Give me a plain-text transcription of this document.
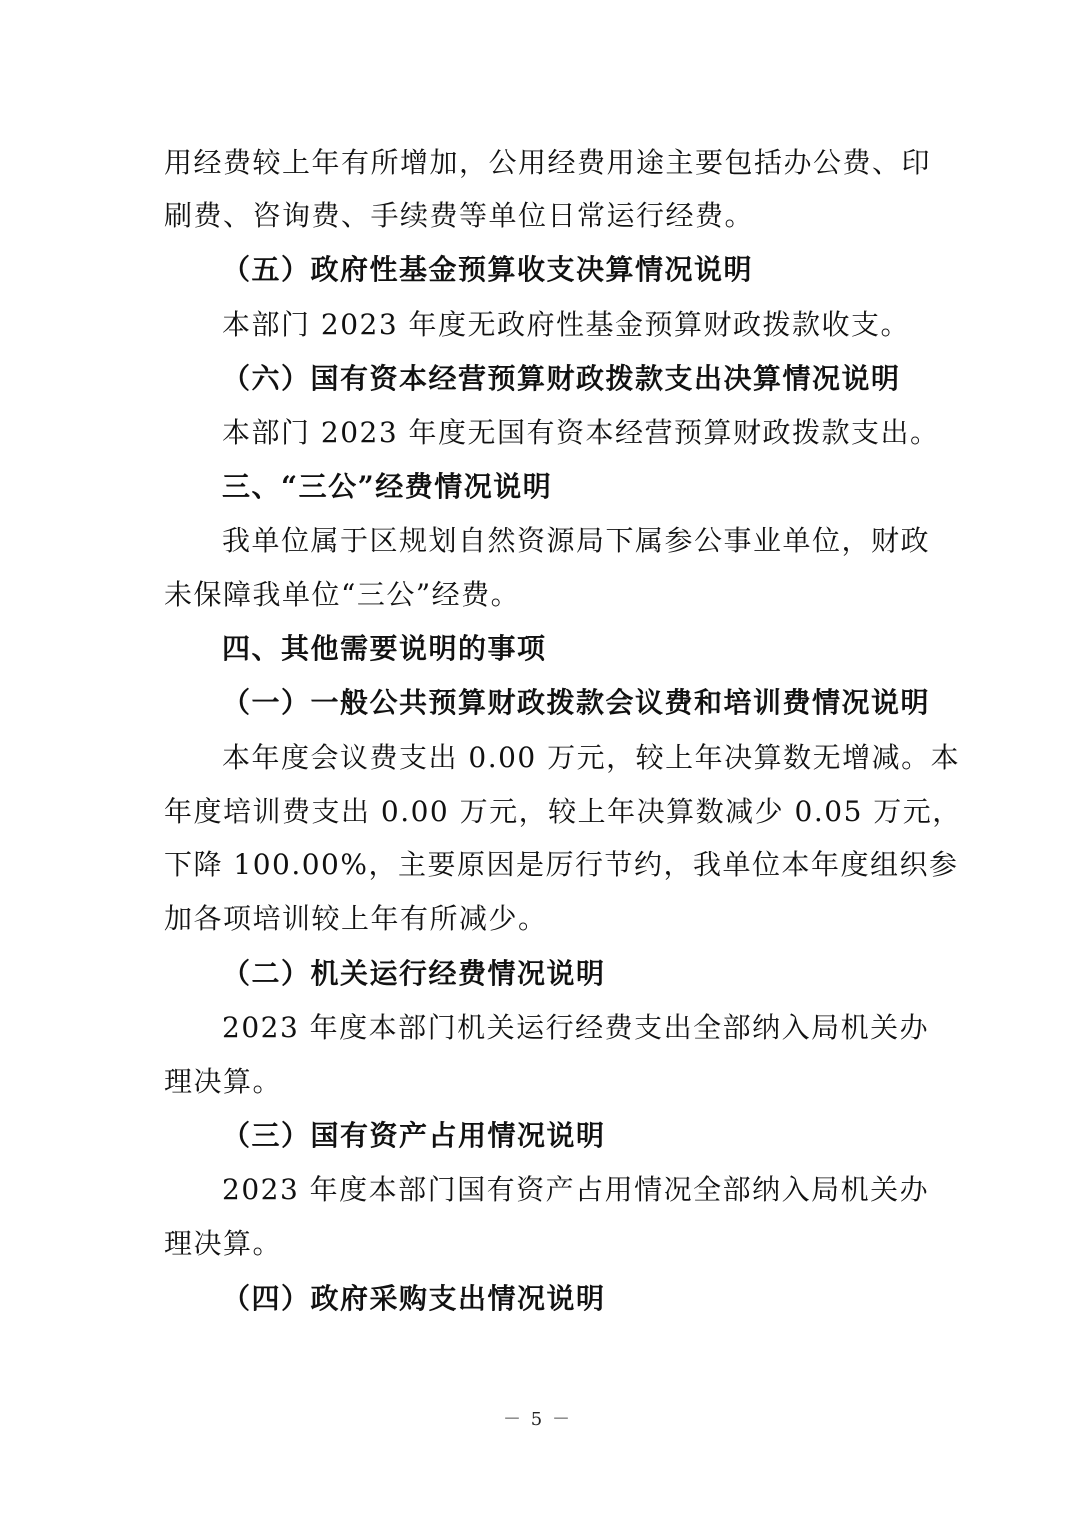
用经费较上年有所增加，公用经费用途主要包括办公费、印
刷费、咨询费、手续费等单位日常运行经费。
（五）政府性基金预算收支决算情况说明
本部门 2023 年度无政府性基金预算财政拨款收支。
（六）国有资本经营预算财政拨款支出决算情况说明
本部门 2023 年度无国有资本经营预算财政拨款支出。
三、“三公”经费情况说明
我单位属于区规划自然资源局下属参公事业单位，财政
未保障我单位“三公”经费。
四、其他需要说明的事项
（一）一般公共预算财政拨款会议费和培训费情况说明
本年度会议费支出 0.00 万元，较上年决算数无增减。本
年度培训费支出 0.00 万元，较上年决算数减少 0.05 万元，
下降 100.00%，主要原因是厉行节约，我单位本年度组织参
加各项培训较上年有所减少。
（二）机关运行经费情况说明
2023 年度本部门机关运行经费支出全部纳入局机关办
理决算。
（三）国有资产占用情况说明
2023 年度本部门国有资产占用情况全部纳入局机关办
理决算。
（四）政府采购支出情况说明
－ 5 －
